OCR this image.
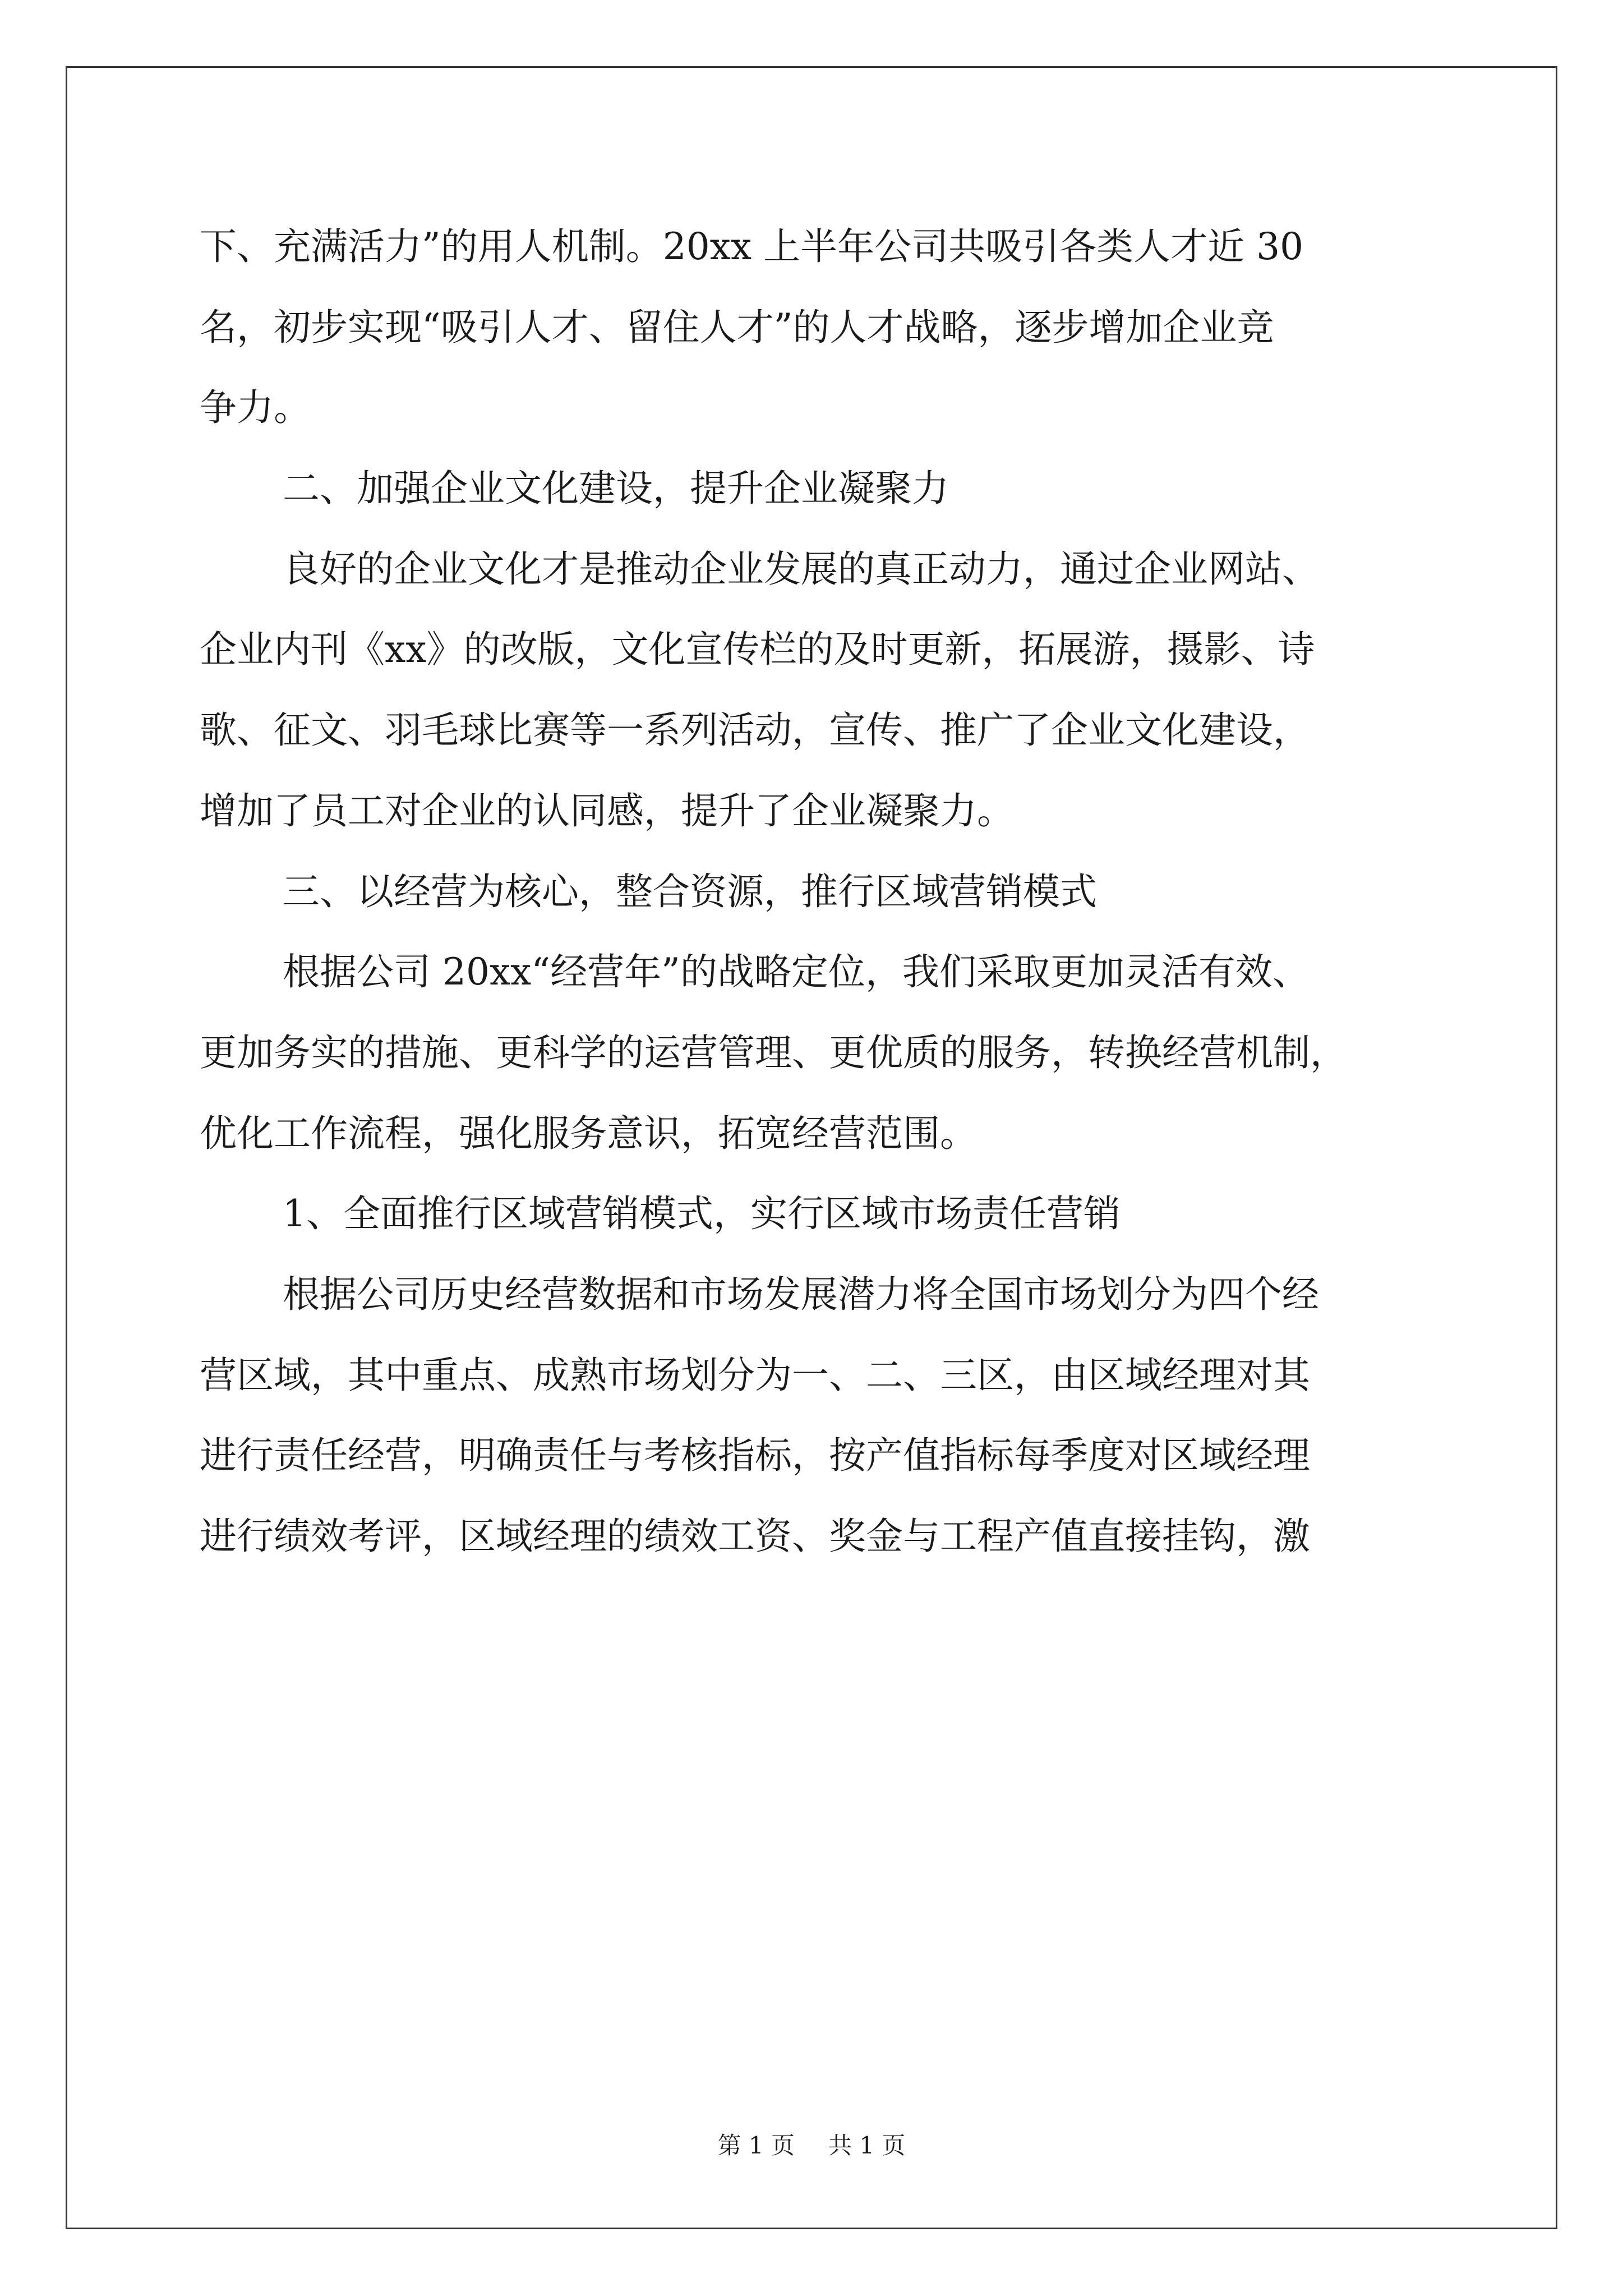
下、充满活力”的用人机制。20xx 上半年公司共吸引各类人才近 30
名，初步实现“吸引人才、留住人才”的人才战略，逐步增加企业竞
争力。
二、加强企业文化建设，提升企业凝聚力
良好的企业文化才是推动企业发展的真正动力，通过企业网站、
企业内刊《xx》的改版，文化宣传栏的及时更新，拓展游，摄影、诗
歌、征文、羽毛球比赛等一系列活动，宣传、推广了企业文化建设，
增加了员工对企业的认同感，提升了企业凝聚力。
三、以经营为核心，整合资源，推行区域营销模式
根据公司 20xx“经营年”的战略定位，我们采取更加灵活有效、
更加务实的措施、更科学的运营管理、更优质的服务，转换经营机制，
优化工作流程，强化服务意识，拓宽经营范围。
1、全面推行区域营销模式，实行区域市场责任营销
根据公司历史经营数据和市场发展潜力将全国市场划分为四个经
营区域，其中重点、成熟市场划分为一、二、三区，由区域经理对其
进行责任经营，明确责任与考核指标，按产值指标每季度对区域经理
进行绩效考评，区域经理的绩效工资、奖金与工程产值直接挂钩，激
第 1 页 共 1 页
